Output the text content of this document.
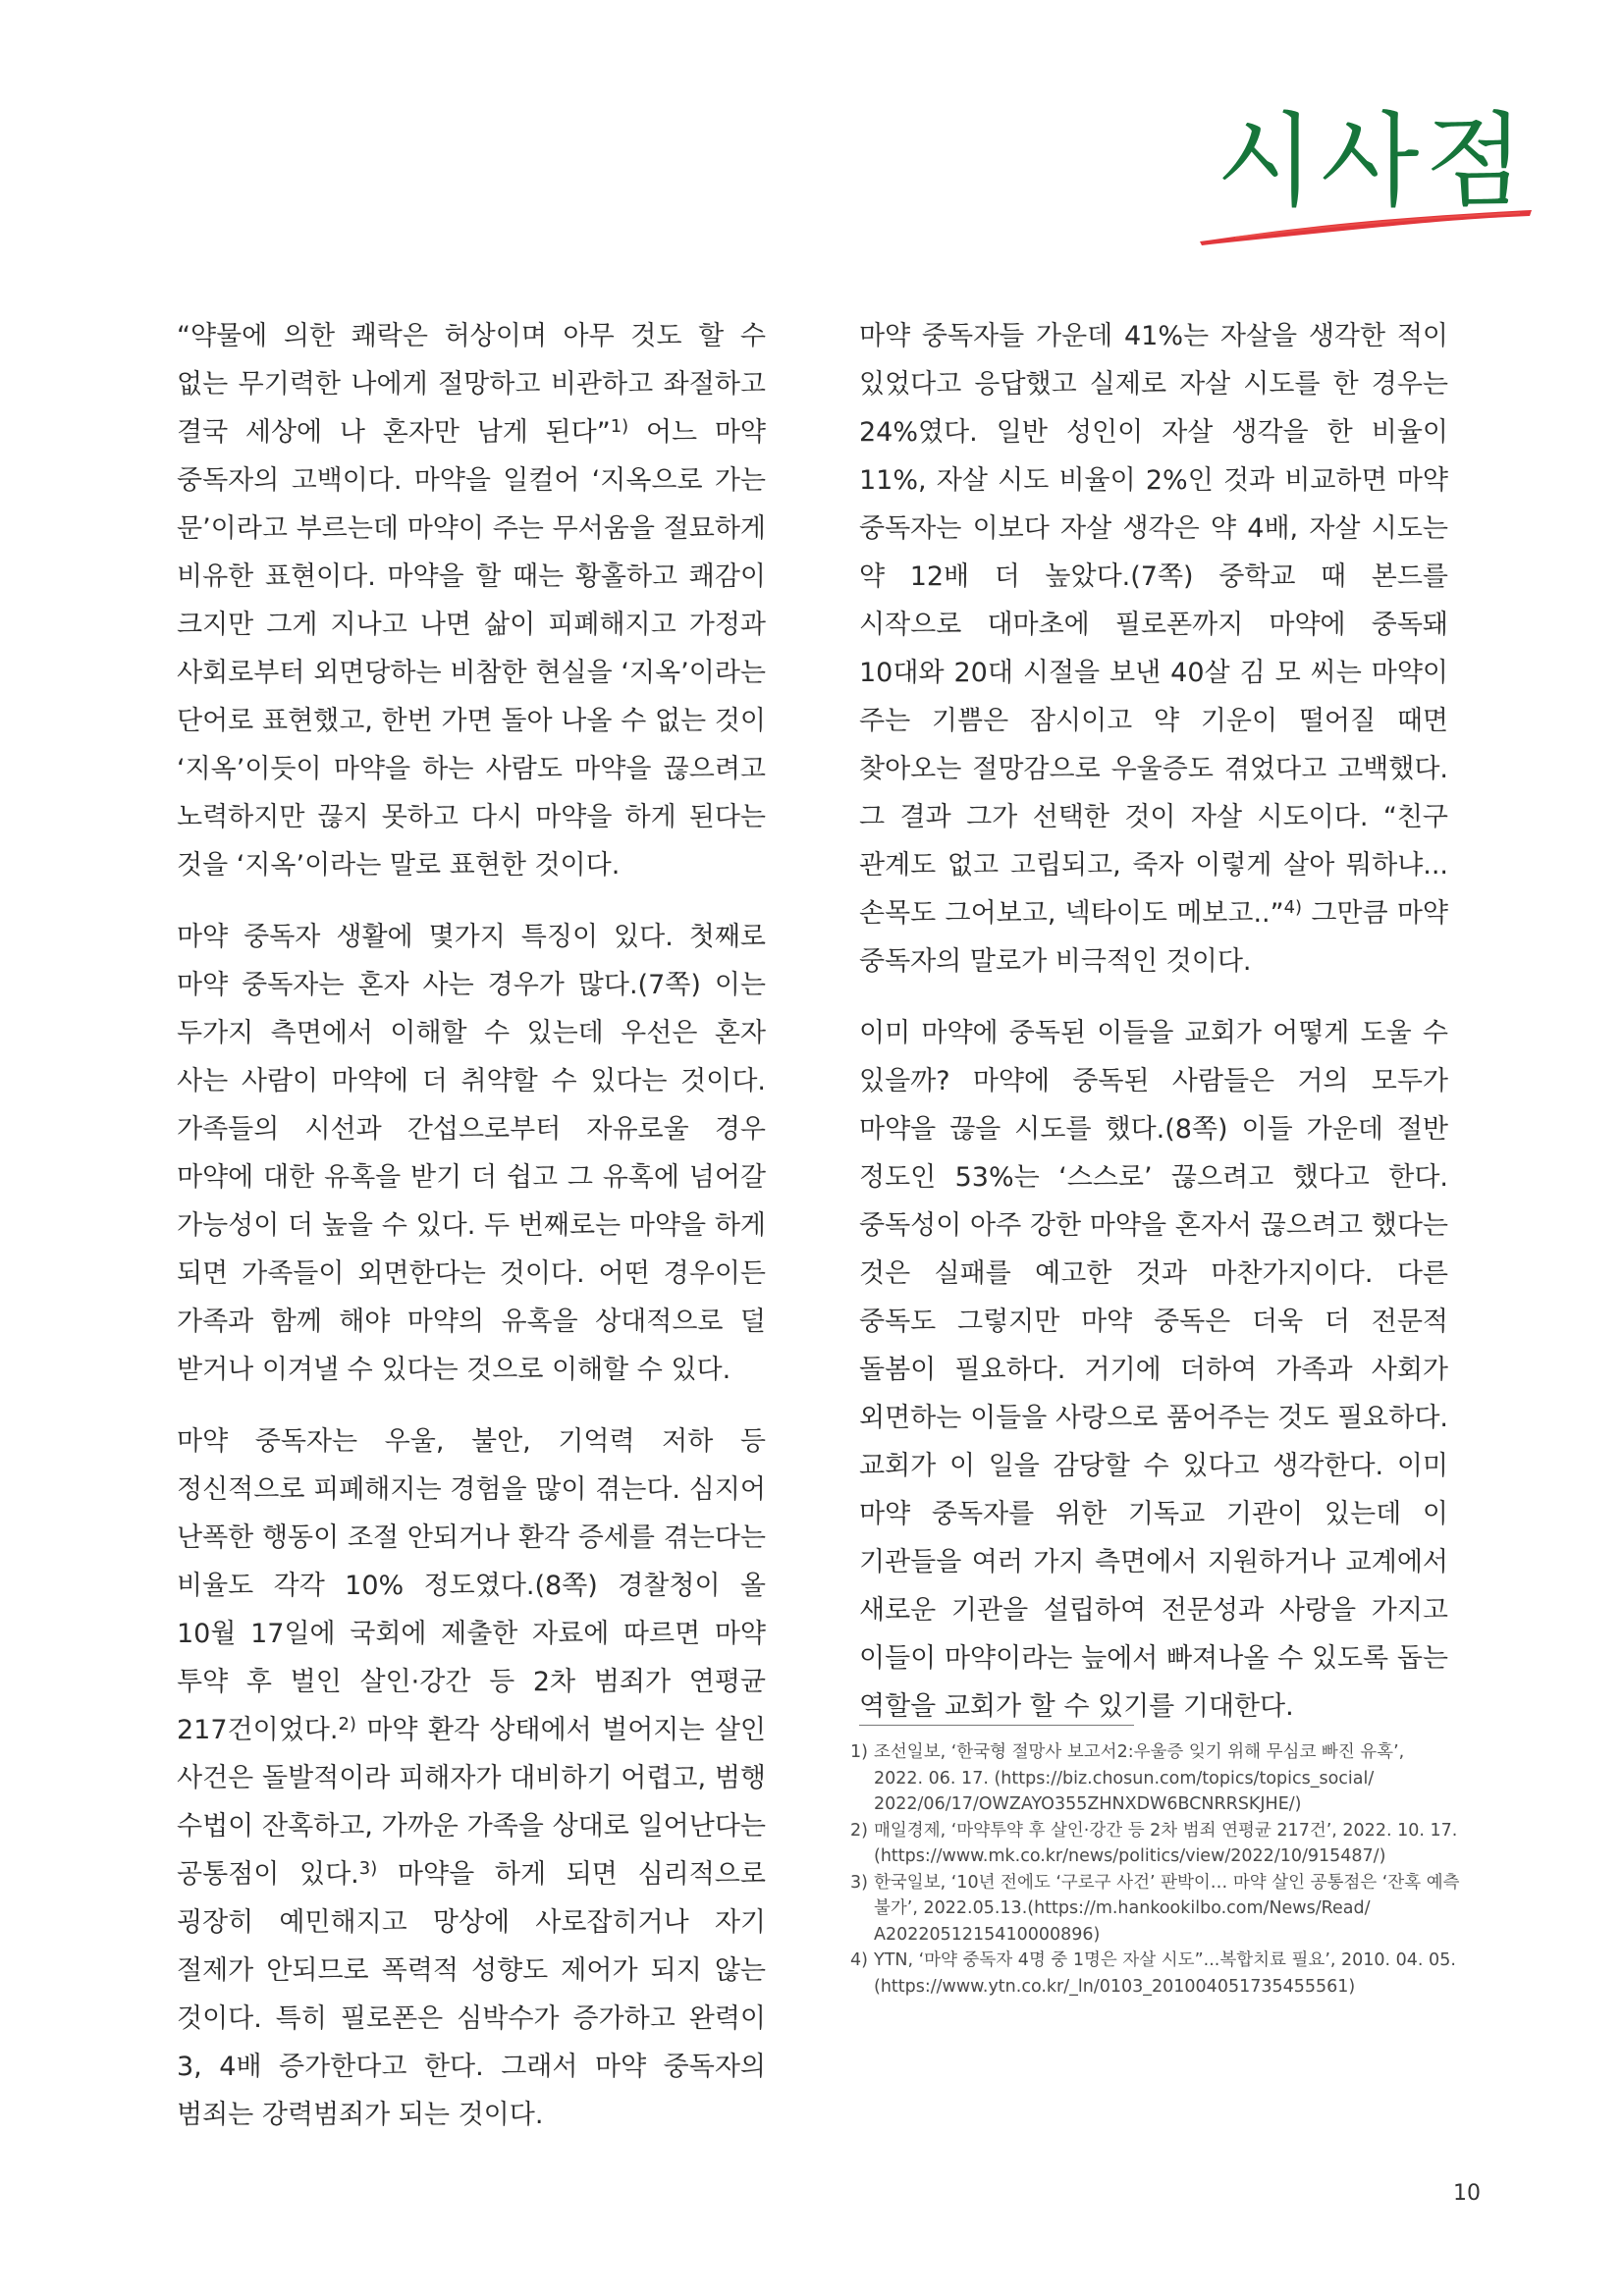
시사점

“약물에 의한 쾌락은 허상이며 아무 것도 할 수 없는 무기력한 나에게 절망하고 비관하고 좌절하고 결국 세상에 나 혼자만 남게 된다”$^{1)}$ 어느 마약 중독자의 고백이다. 마약을 일컬어 ‘지옥으로 가는 문’이라고 부르는데 마약이 주는 무서움을 절묘하게 비유한 표현이다. 마약을 할 때는 황홀하고 쾌감이 크지만 그게 지나고 나면 삶이 피폐해지고 가정과 사회로부터 외면당하는 비참한 현실을 ‘지옥’이라는 단어로 표현했고, 한번 가면 돌아 나올 수 없는 것이 ‘지옥’이듯이 마약을 하는 사람도 마약을 끊으려고 노력하지만 끊지 못하고 다시 마약을 하게 된다는 것을 ‘지옥’이라는 말로 표현한 것이다.

마약 중독자 생활에 몇가지 특징이 있다. 첫째로 마약 중독자는 혼자 사는 경우가 많다.(7쪽) 이는 두가지 측면에서 이해할 수 있는데 우선은 혼자 사는 사람이 마약에 더 취약할 수 있다는 것이다. 가족들의 시선과 간섭으로부터 자유로울 경우 마약에 대한 유혹을 받기 더 쉽고 그 유혹에 넘어갈 가능성이 더 높을 수 있다. 두 번째로는 마약을 하게 되면 가족들이 외면한다는 것이다. 어떤 경우이든 가족과 함께 해야 마약의 유혹을 상대적으로 덜 받거나 이겨낼 수 있다는 것으로 이해할 수 있다.

마약 중독자는 우울, 불안, 기억력 저하 등 정신적으로 피폐해지는 경험을 많이 겪는다. 심지어 난폭한 행동이 조절 안되거나 환각 증세를 겪는다는 비율도 각각 10% 정도였다.(8쪽) 경찰청이 올 10월 17일에 국회에 제출한 자료에 따르면 마약 투약 후 벌인 살인·강간 등 2차 범죄가 연평균 217건이었다.$^{2)}$ 마약 환각 상태에서 벌어지는 살인 사건은 돌발적이라 피해자가 대비하기 어렵고, 범행 수법이 잔혹하고, 가까운 가족을 상대로 일어난다는 공통점이 있다.$^{3)}$ 마약을 하게 되면 심리적으로 굉장히 예민해지고 망상에 사로잡히거나 자기 절제가 안되므로 폭력적 성향도 제어가 되지 않는 것이다. 특히 필로폰은 심박수가 증가하고 완력이 3, 4배 증가한다고 한다. 그래서 마약 중독자의 범죄는 강력범죄가 되는 것이다.

마약 중독자들 가운데 41%는 자살을 생각한 적이 있었다고 응답했고 실제로 자살 시도를 한 경우는 24%였다. 일반 성인이 자살 생각을 한 비율이 11%, 자살 시도 비율이 2%인 것과 비교하면 마약 중독자는 이보다 자살 생각은 약 4배, 자살 시도는 약 12배 더 높았다.(7쪽) 중학교 때 본드를 시작으로 대마초에 필로폰까지 마약에 중독돼 10대와 20대 시절을 보낸 40살 김 모 씨는 마약이 주는 기쁨은 잠시이고 약 기운이 떨어질 때면 찾아오는 절망감으로 우울증도 겪었다고 고백했다. 그 결과 그가 선택한 것이 자살 시도이다. “친구 관계도 없고 고립되고, 죽자 이렇게 살아 뭐하냐...손목도 그어보고, 넥타이도 메보고..”$^{4)}$ 그만큼 마약 중독자의 말로가 비극적인 것이다.

이미 마약에 중독된 이들을 교회가 어떻게 도울 수 있을까? 마약에 중독된 사람들은 거의 모두가 마약을 끊을 시도를 했다.(8쪽) 이들 가운데 절반 정도인 53%는 ‘스스로’ 끊으려고 했다고 한다. 중독성이 아주 강한 마약을 혼자서 끊으려고 했다는 것은 실패를 예고한 것과 마찬가지이다. 다른 중독도 그렇지만 마약 중독은 더욱 더 전문적 돌봄이 필요하다. 거기에 더하여 가족과 사회가 외면하는 이들을 사랑으로 품어주는 것도 필요하다. 교회가 이 일을 감당할 수 있다고 생각한다. 이미 마약 중독자를 위한 기독교 기관이 있는데 이 기관들을 여러 가지 측면에서 지원하거나 교계에서 새로운 기관을 설립하여 전문성과 사랑을 가지고 이들이 마약이라는 늪에서 빠져나올 수 있도록 돕는 역할을 교회가 할 수 있기를 기대한다.

1) 조선일보, ‘한국형 절망사 보고서2:우울증 잊기 위해 무심코 빠진 유혹’,
2022. 06. 17. (https://biz.chosun.com/topics/topics_social/
2022/06/17/OWZAYO355ZHNXDW6BCNRRSKJHE/)
2) 매일경제, ‘마약투약 후 살인·강간 등 2차 범죄 연평균 217건’, 2022. 10. 17.
(https://www.mk.co.kr/news/politics/view/2022/10/915487/)
3) 한국일보, ‘10년 전에도 ‘구로구 사건’ 판박이… 마약 살인 공통점은 ‘잔혹 예측
불가’, 2022.05.13.(https://m.hankookilbo.com/News/Read/
A2022051215410000896)
4) YTN, ‘마약 중독자 4명 중 1명은 자살 시도”...복합치료 필요’, 2010. 04. 05.
(https://www.ytn.co.kr/_ln/0103_201004051735455561)
10
